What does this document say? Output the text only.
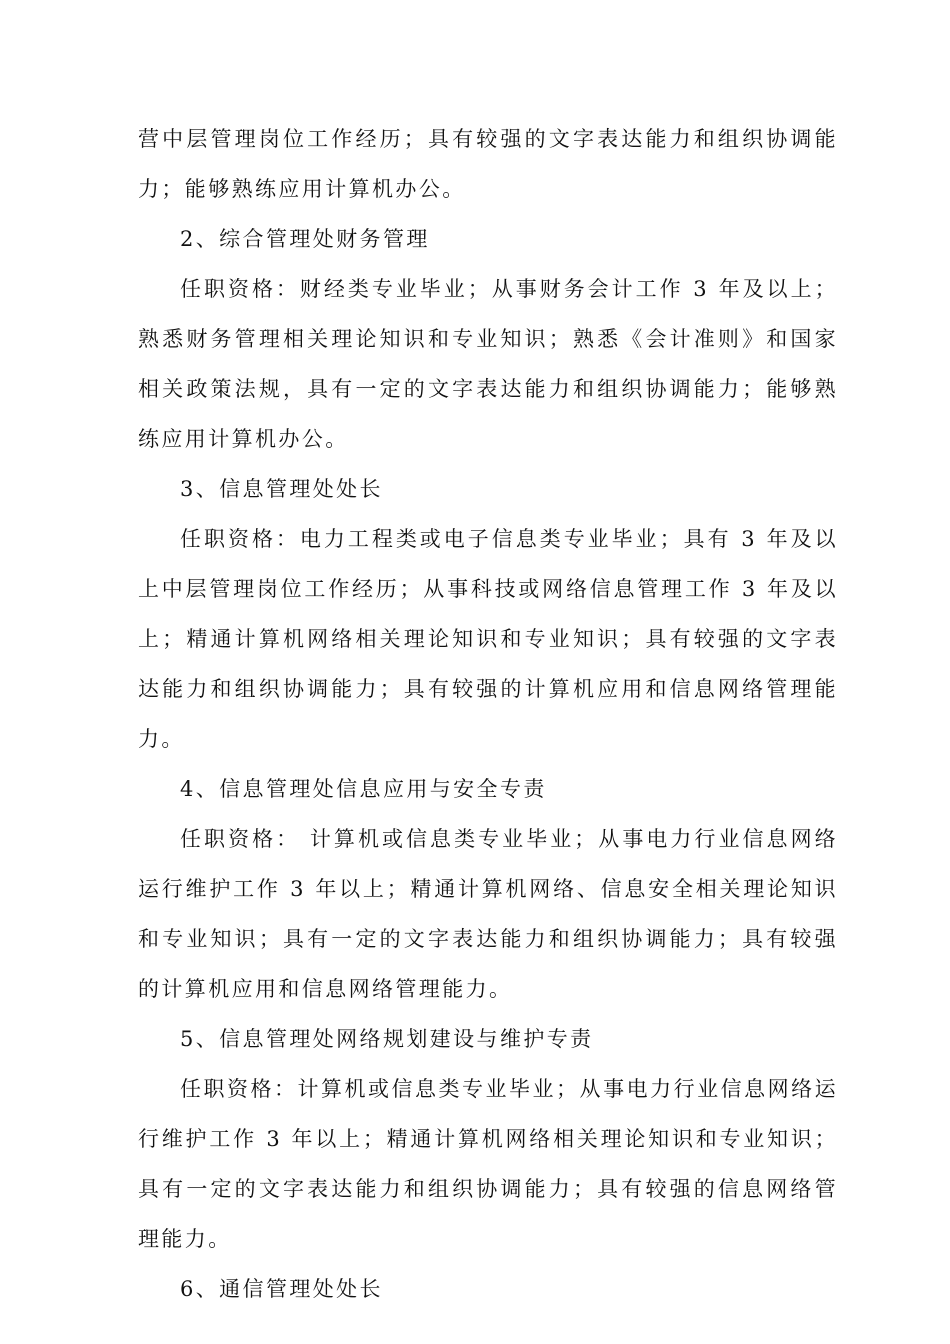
营中层管理岗位工作经历；具有较强的文字表达能力和组织协调能力；能够熟练应用计算机办公。

2、综合管理处财务管理

任职资格：财经类专业毕业；从事财务会计工作 3 年及以上；熟悉财务管理相关理论知识和专业知识；熟悉《会计准则》和国家相关政策法规，具有一定的文字表达能力和组织协调能力；能够熟练应用计算机办公。

3、信息管理处处长

任职资格：电力工程类或电子信息类专业毕业；具有 3 年及以上中层管理岗位工作经历；从事科技或网络信息管理工作 3 年及以上；精通计算机网络相关理论知识和专业知识；具有较强的文字表达能力和组织协调能力；具有较强的计算机应用和信息网络管理能力。

4、信息管理处信息应用与安全专责

任职资格： 计算机或信息类专业毕业；从事电力行业信息网络运行维护工作 3 年以上；精通计算机网络、信息安全相关理论知识和专业知识；具有一定的文字表达能力和组织协调能力；具有较强的计算机应用和信息网络管理能力。

5、信息管理处网络规划建设与维护专责

任职资格：计算机或信息类专业毕业；从事电力行业信息网络运行维护工作 3 年以上；精通计算机网络相关理论知识和专业知识；具有一定的文字表达能力和组织协调能力；具有较强的信息网络管理能力。

6、通信管理处处长
